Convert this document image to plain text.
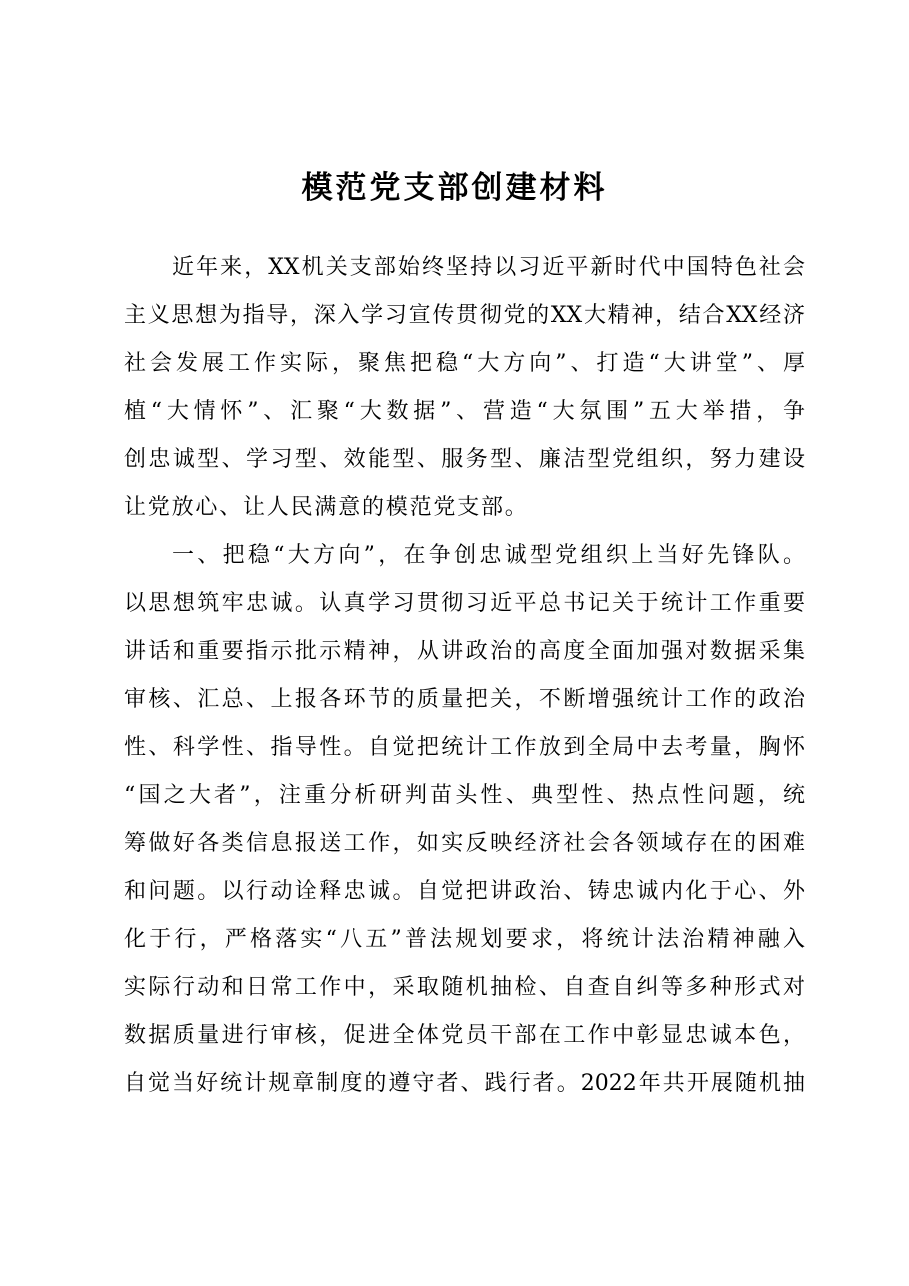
模范党支部创建材料
近年来，XX机关支部始终坚持以习近平新时代中国特色社会
主义思想为指导，深入学习宣传贯彻党的XX大精神，结合XX经济
社会发展工作实际，聚焦把稳“大方向”、打造“大讲堂”、厚
植“大情怀”、汇聚“大数据”、营造“大氛围”五大举措，争
创忠诚型、学习型、效能型、服务型、廉洁型党组织，努力建设
让党放心、让人民满意的模范党支部。
一、把稳“大方向”，在争创忠诚型党组织上当好先锋队。
以思想筑牢忠诚。认真学习贯彻习近平总书记关于统计工作重要
讲话和重要指示批示精神，从讲政治的高度全面加强对数据采集
审核、汇总、上报各环节的质量把关，不断增强统计工作的政治
性、科学性、指导性。自觉把统计工作放到全局中去考量，胸怀
“国之大者”，注重分析研判苗头性、典型性、热点性问题，统
筹做好各类信息报送工作，如实反映经济社会各领域存在的困难
和问题。以行动诠释忠诚。自觉把讲政治、铸忠诚内化于心、外
化于行，严格落实“八五”普法规划要求，将统计法治精神融入
实际行动和日常工作中，采取随机抽检、自查自纠等多种形式对
数据质量进行审核，促进全体党员干部在工作中彰显忠诚本色，
自觉当好统计规章制度的遵守者、践行者。2022年共开展随机抽
